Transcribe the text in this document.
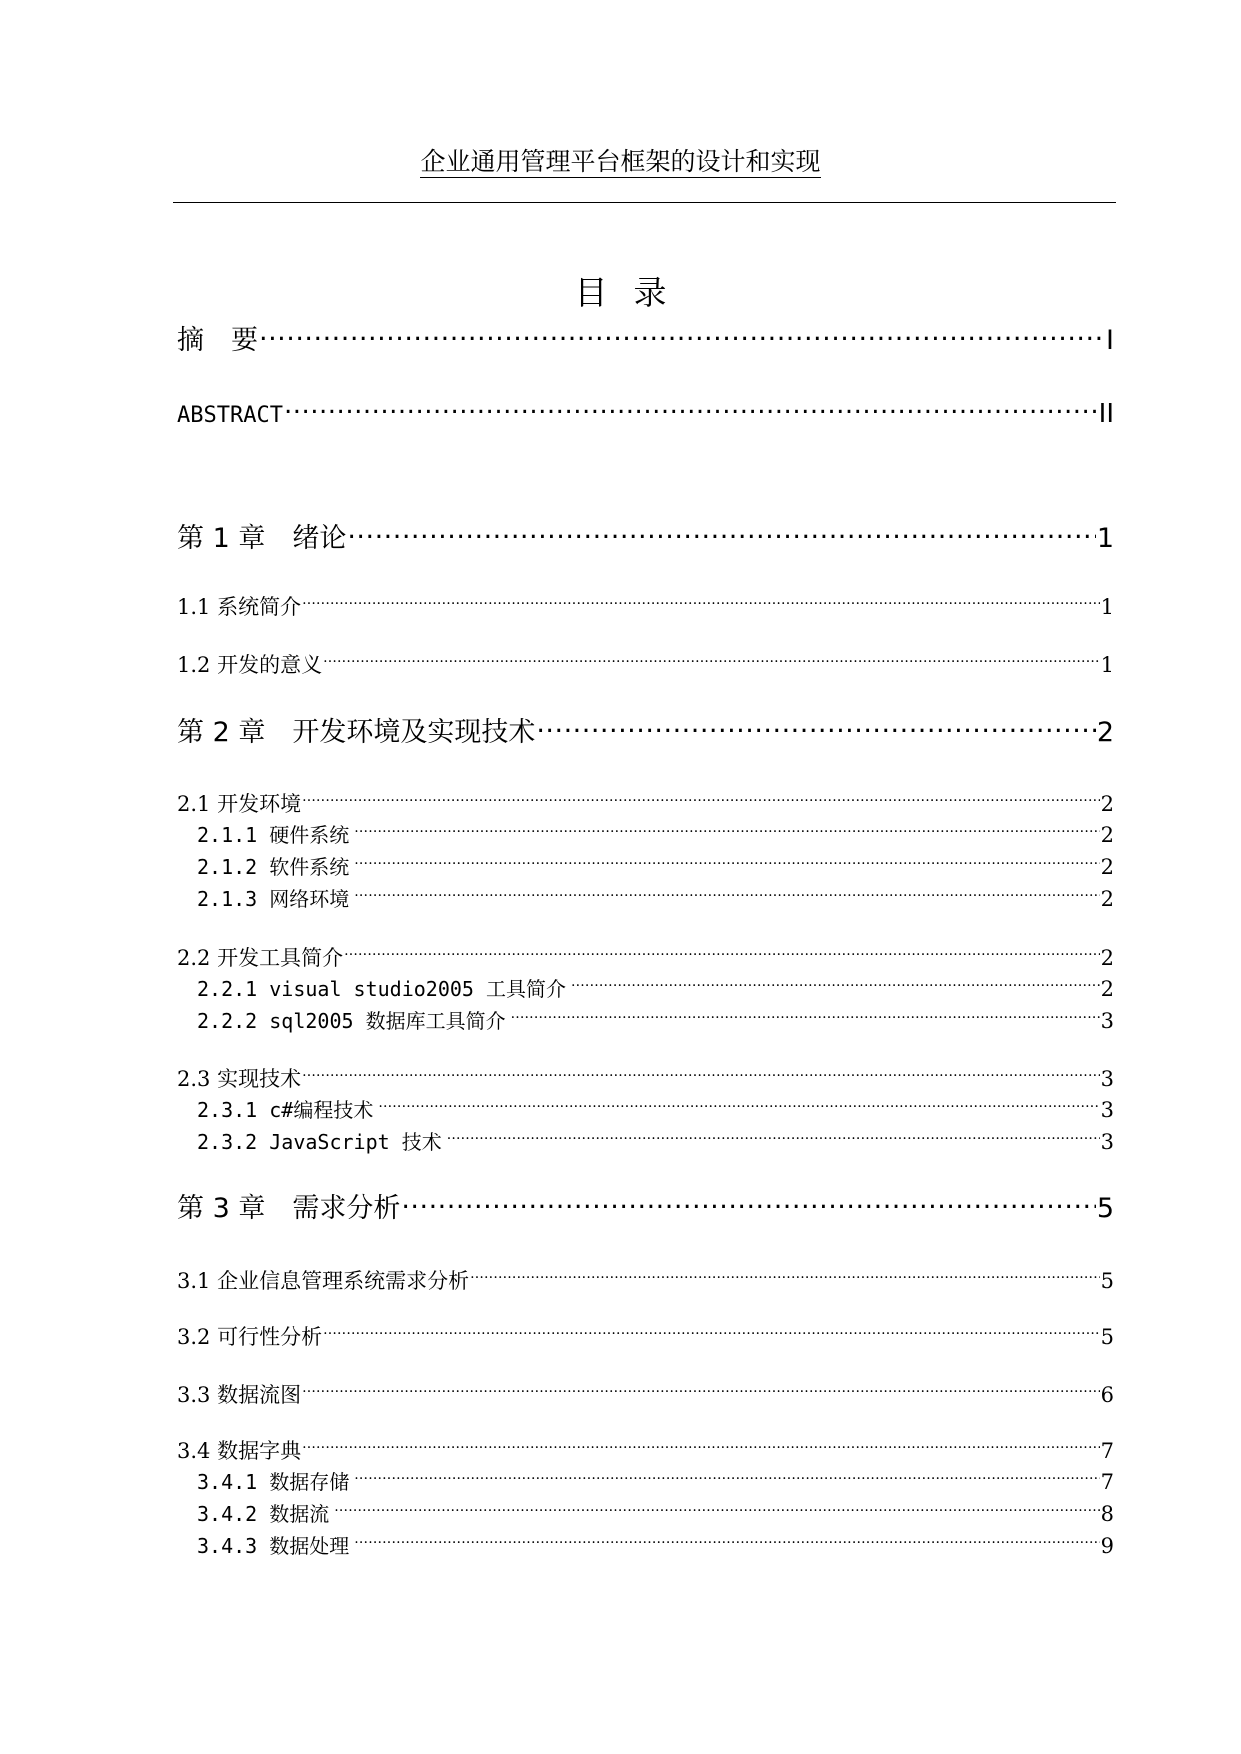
企业通用管理平台框架的设计和实现
目录
摘　要 .....	I
ABSTRACT .....	II
第 1 章　绪论 .....	1
1.1 系统简介 .....	1
1.2 开发的意义 .....	1
第 2 章　开发环境及实现技术 .....	2
2.1 开发环境 .....	2
2.1.1 硬件系统 .....	2
2.1.2 软件系统 .....	2
2.1.3 网络环境 .....	2
2.2 开发工具简介 .....	2
2.2.1 visual studio2005 工具简介 .....	2
2.2.2 sql2005 数据库工具简介 .....	3
2.3 实现技术 .....	3
2.3.1 c#编程技术 .....	3
2.3.2 JavaScript 技术 .....	3
第 3 章　需求分析 .....	5
3.1 企业信息管理系统需求分析 .....	5
3.2 可行性分析 .....	5
3.3 数据流图 .....	6
3.4 数据字典 .....	7
3.4.1 数据存储 .....	7
3.4.2 数据流 .....	8
3.4.3 数据处理 .....	9
